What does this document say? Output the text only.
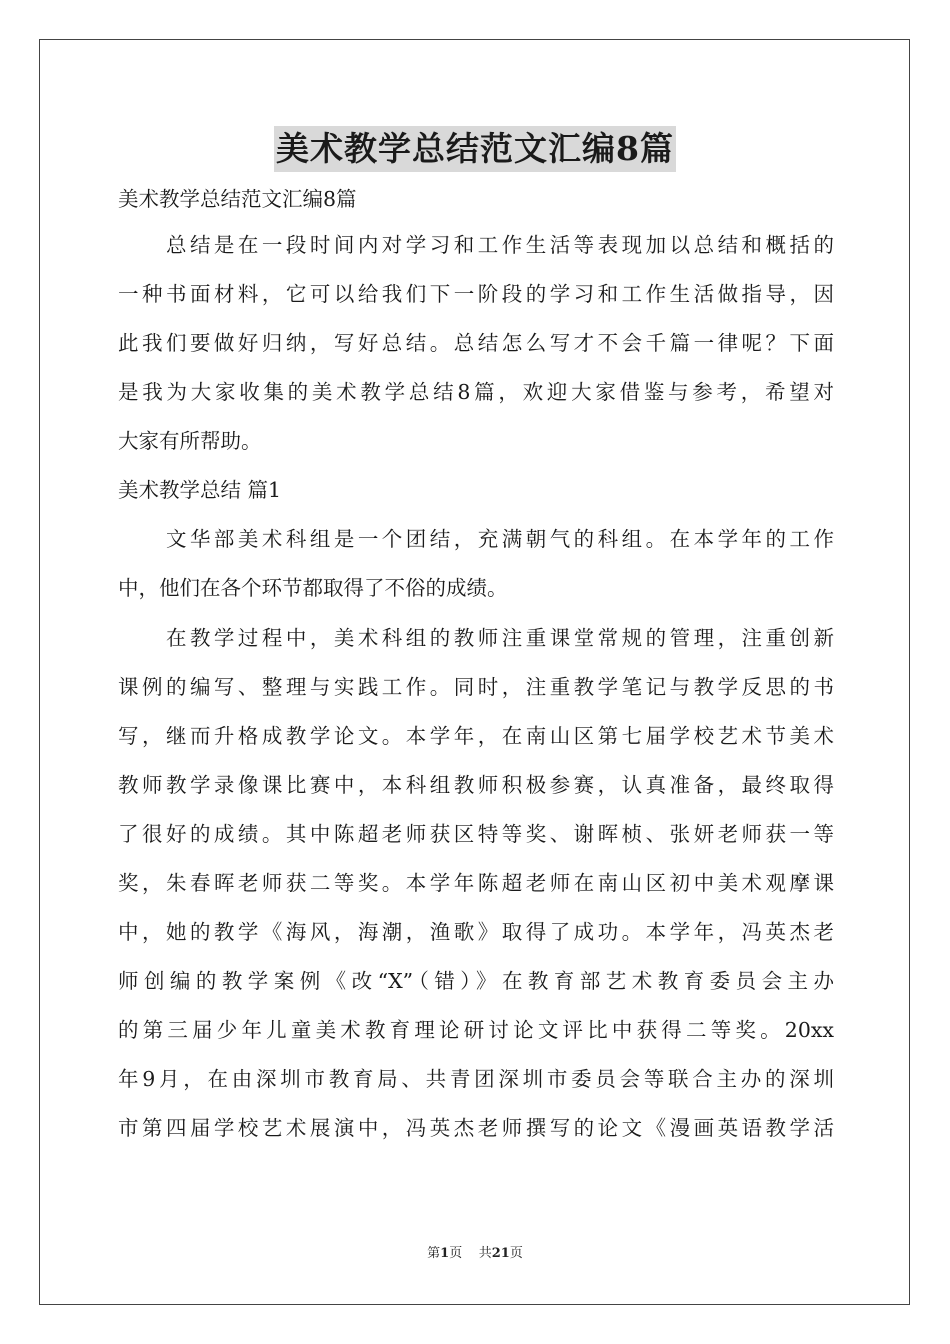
美术教学总结范文汇编8篇

美术教学总结范文汇编8篇

　　总结是在一段时间内对学习和工作生活等表现加以总结和概括的

一种书面材料，它可以给我们下一阶段的学习和工作生活做指导，因

此我们要做好归纳，写好总结。总结怎么写才不会千篇一律呢？下面

是我为大家收集的美术教学总结8篇，欢迎大家借鉴与参考，希望对

大家有所帮助。

美术教学总结 篇1

　　文华部美术科组是一个团结，充满朝气的科组。在本学年的工作

中，他们在各个环节都取得了不俗的成绩。

　　在教学过程中，美术科组的教师注重课堂常规的管理，注重创新

课例的编写、整理与实践工作。同时，注重教学笔记与教学反思的书

写，继而升格成教学论文。本学年，在南山区第七届学校艺术节美术

教师教学录像课比赛中，本科组教师积极参赛，认真准备，最终取得

了很好的成绩。其中陈超老师获区特等奖、谢晖桢、张妍老师获一等

奖，朱春晖老师获二等奖。本学年陈超老师在南山区初中美术观摩课

中，她的教学《海风，海潮，渔歌》取得了成功。本学年，冯英杰老

师创编的教学案例《改“X”（错）》在教育部艺术教育委员会主办

的第三届少年儿童美术教育理论研讨论文评比中获得二等奖。20xx

年9月，在由深圳市教育局、共青团深圳市委员会等联合主办的深圳

市第四届学校艺术展演中，冯英杰老师撰写的论文《漫画英语教学活

第1页 共21页
